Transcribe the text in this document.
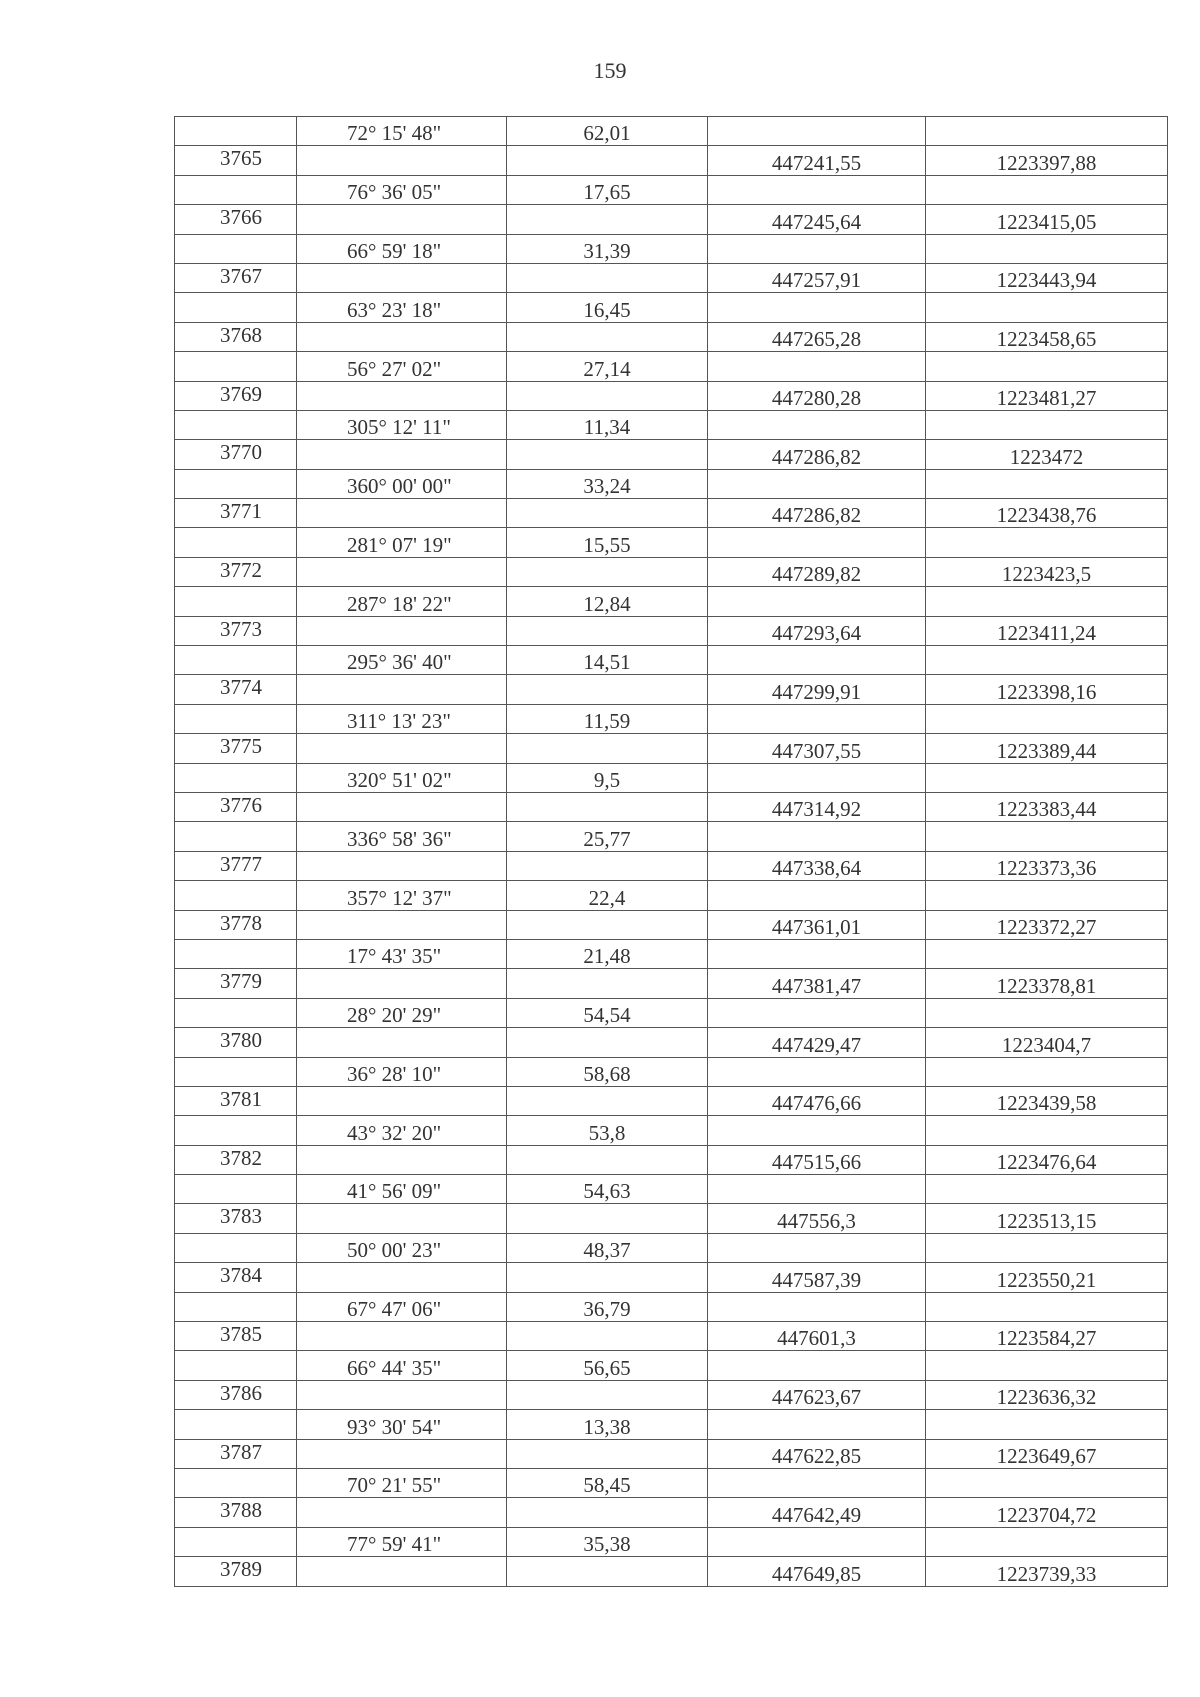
159
	72° 15' 48"	62,01		
3765			447241,55	1223397,88
	76° 36' 05"	17,65		
3766			447245,64	1223415,05
	66° 59' 18"	31,39		
3767			447257,91	1223443,94
	63° 23' 18"	16,45		
3768			447265,28	1223458,65
	56° 27' 02"	27,14		
3769			447280,28	1223481,27
	305° 12' 11"	11,34		
3770			447286,82	1223472
	360° 00' 00"	33,24		
3771			447286,82	1223438,76
	281° 07' 19"	15,55		
3772			447289,82	1223423,5
	287° 18' 22"	12,84		
3773			447293,64	1223411,24
	295° 36' 40"	14,51		
3774			447299,91	1223398,16
	311° 13' 23"	11,59		
3775			447307,55	1223389,44
	320° 51' 02"	9,5		
3776			447314,92	1223383,44
	336° 58' 36"	25,77		
3777			447338,64	1223373,36
	357° 12' 37"	22,4		
3778			447361,01	1223372,27
	17° 43' 35"	21,48		
3779			447381,47	1223378,81
	28° 20' 29"	54,54		
3780			447429,47	1223404,7
	36° 28' 10"	58,68		
3781			447476,66	1223439,58
	43° 32' 20"	53,8		
3782			447515,66	1223476,64
	41° 56' 09"	54,63		
3783			447556,3	1223513,15
	50° 00' 23"	48,37		
3784			447587,39	1223550,21
	67° 47' 06"	36,79		
3785			447601,3	1223584,27
	66° 44' 35"	56,65		
3786			447623,67	1223636,32
	93° 30' 54"	13,38		
3787			447622,85	1223649,67
	70° 21' 55"	58,45		
3788			447642,49	1223704,72
	77° 59' 41"	35,38		
3789			447649,85	1223739,33
